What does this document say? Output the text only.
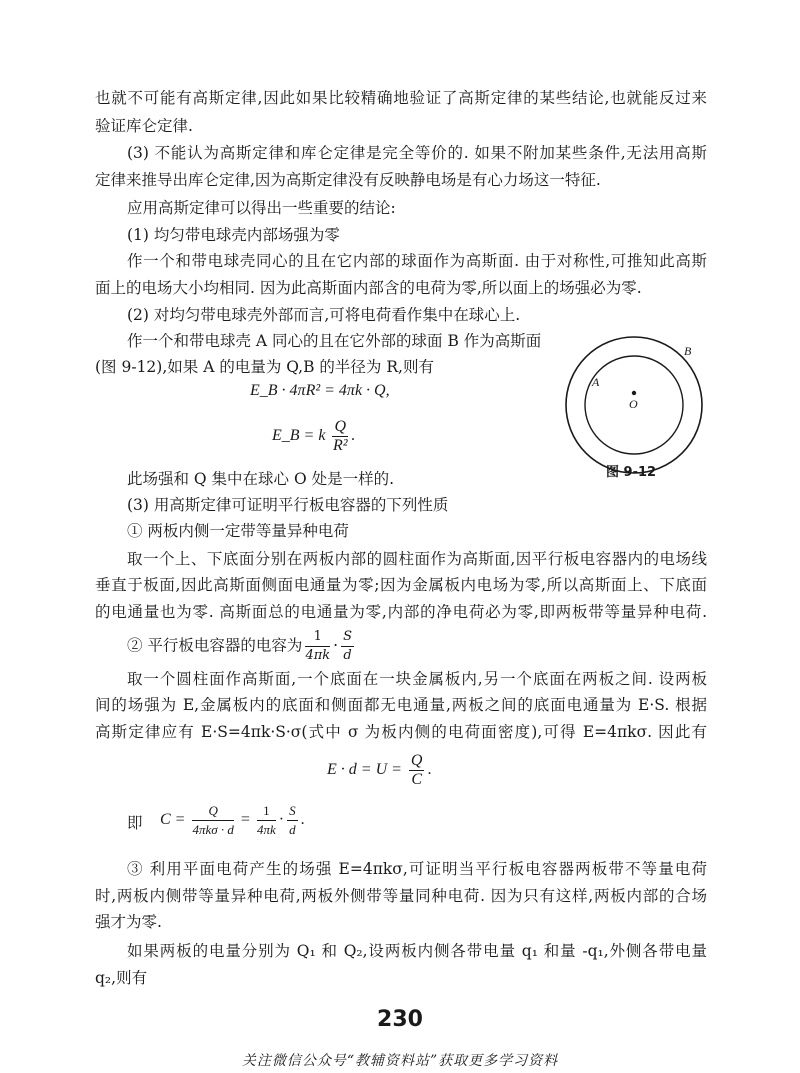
也就不可能有高斯定律,因此如果比较精确地验证了高斯定律的某些结论,也就能反过来
验证库仑定律.
(3) 不能认为高斯定律和库仑定律是完全等价的. 如果不附加某些条件,无法用高斯
定律来推导出库仑定律,因为高斯定律没有反映静电场是有心力场这一特征.
应用高斯定律可以得出一些重要的结论:
(1) 均匀带电球壳内部场强为零
作一个和带电球壳同心的且在它内部的球面作为高斯面. 由于对称性,可推知此高斯
面上的电场大小均相同. 因为此高斯面内部含的电荷为零,所以面上的场强必为零.
(2) 对均匀带电球壳外部而言,可将电荷看作集中在球心上.
作一个和带电球壳 A 同心的且在它外部的球面 B 作为高斯面
(图 9-12),如果 A 的电量为 Q,B 的半径为 R,则有
E_B · 4πR² = 4πk · Q,
E_B = k $\frac{Q}{\text{R²}}$ .
此场强和 Q 集中在球心 O 处是一样的.
(3) 用高斯定律可证明平行板电容器的下列性质
① 两板内侧一定带等量异种电荷
取一个上、下底面分别在两板内部的圆柱面作为高斯面,因平行板电容器内的电场线
垂直于板面,因此高斯面侧面电通量为零;因为金属板内电场为零,所以高斯面上、下底面
的电通量也为零. 高斯面总的电通量为零,内部的净电荷必为零,即两板带等量异种电荷.
② 平行板电容器的电容为 $\frac{1}{4\pi k} \cdot \frac{S}{d}$
取一个圆柱面作高斯面,一个底面在一块金属板内,另一个底面在两板之间. 设两板
间的场强为 E,金属板内的底面和侧面都无电通量,两板之间的底面电通量为 E·S. 根据
高斯定律应有 E·S=4πk·S·σ(式中 σ 为板内侧的电荷面密度),可得 E=4πkσ. 因此有
$E \cdot d = U = \frac{Q}{C}$ .
即	$C = \frac{Q}{\text{4πkσ · d}} = \frac{1}{4\pi k} \cdot \frac{S}{d}$ .
③ 利用平面电荷产生的场强 E=4πkσ,可证明当平行板电容器两板带不等量电荷
时,两板内侧带等量异种电荷,两板外侧带等量同种电荷. 因为只有这样,两板内部的合场
强才为零.
如果两板的电量分别为 Q₁ 和 Q₂,设两板内侧各带电量 q₁ 和量 -q₁,外侧各带电量
q₂,则有
B
A
O
图 9-12
230
关注微信公众号“教辅资料站”获取更多学习资料
